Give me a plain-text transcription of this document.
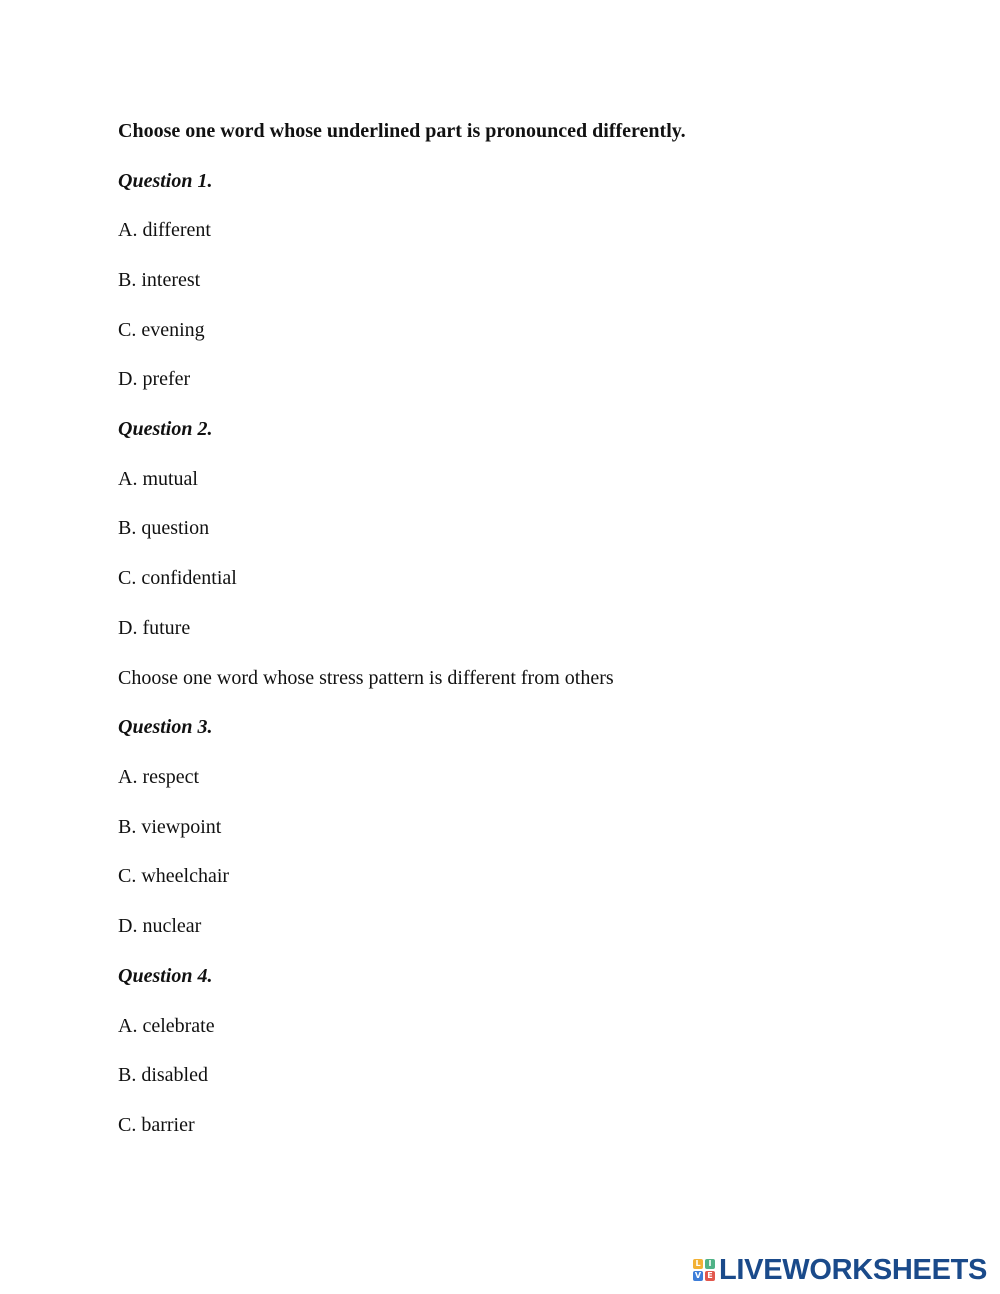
Choose one word whose underlined part is pronounced differently.
Question 1.
A. different
B. interest
C. evening
D. prefer
Question 2.
A. mutual
B. question
C. confidential
D. future
Choose one word whose stress pattern is different from others
Question 3.
A. respect
B. viewpoint
C. wheelchair
D. nuclear
Question 4.
A. celebrate
B. disabled
C. barrier
L I
V E LIVEWORKSHEETS
